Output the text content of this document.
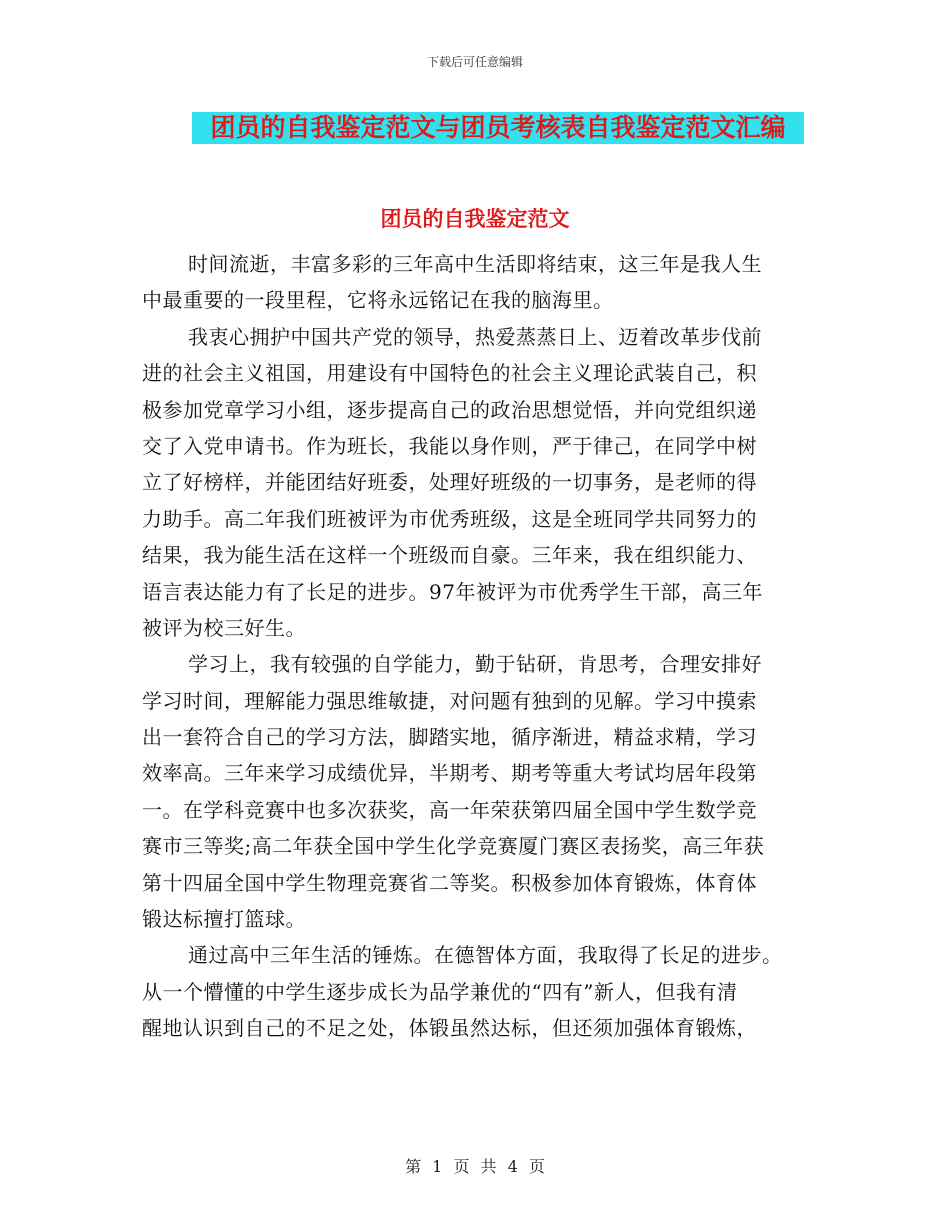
下载后可任意编辑
团员的自我鉴定范文与团员考核表自我鉴定范文汇编
团员的自我鉴定范文
时间流逝，丰富多彩的三年高中生活即将结束，这三年是我人生
中最重要的一段里程，它将永远铭记在我的脑海里。
我衷心拥护中国共产党的领导，热爱蒸蒸日上、迈着改革步伐前
进的社会主义祖国，用建设有中国特色的社会主义理论武装自己，积
极参加党章学习小组，逐步提高自己的政治思想觉悟，并向党组织递
交了入党申请书。作为班长，我能以身作则，严于律己，在同学中树
立了好榜样，并能团结好班委，处理好班级的一切事务，是老师的得
力助手。高二年我们班被评为市优秀班级，这是全班同学共同努力的
结果，我为能生活在这样一个班级而自豪。三年来，我在组织能力、
语言表达能力有了长足的进步。97年被评为市优秀学生干部，高三年
被评为校三好生。
学习上，我有较强的自学能力，勤于钻研，肯思考，合理安排好
学习时间，理解能力强思维敏捷，对问题有独到的见解。学习中摸索
出一套符合自己的学习方法，脚踏实地，循序渐进，精益求精，学习
效率高。三年来学习成绩优异，半期考、期考等重大考试均居年段第
一。在学科竞赛中也多次获奖，高一年荣获第四届全国中学生数学竞
赛市三等奖;高二年获全国中学生化学竞赛厦门赛区表扬奖，高三年获
第十四届全国中学生物理竞赛省二等奖。积极参加体育锻炼，体育体
锻达标擅打篮球。
通过高中三年生活的锤炼。在德智体方面，我取得了长足的进步。
从一个懵懂的中学生逐步成长为品学兼优的“四有”新人，但我有清
醒地认识到自己的不足之处，体锻虽然达标，但还须加强体育锻炼，
第 1 页 共 4 页
